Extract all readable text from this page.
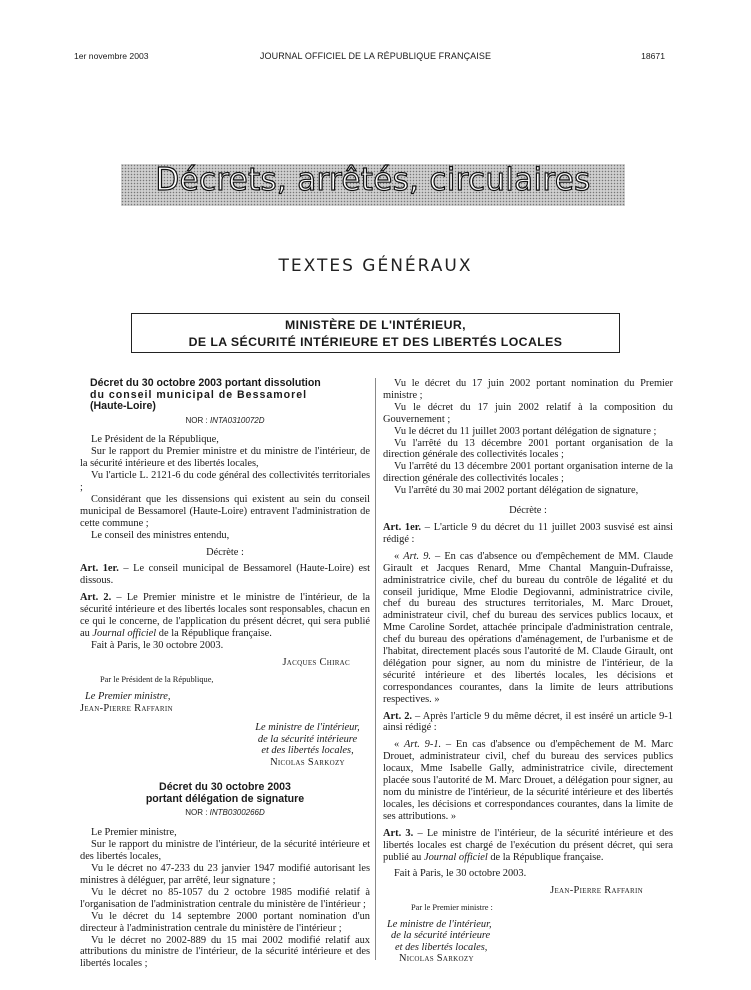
1er novembre 2003	JOURNAL OFFICIEL DE LA RÉPUBLIQUE FRANÇAISE	18671
Décrets, arrêtés, circulaires
TEXTES GÉNÉRAUX
MINISTÈRE DE L'INTÉRIEUR,
DE LA SÉCURITÉ INTÉRIEURE ET DES LIBERTÉS LOCALES
Décret du 30 octobre 2003 portant dissolution
du conseil municipal de Bessamorel
(Haute-Loire)

NOR : INTA0310072D

Le Président de la République,

Sur le rapport du Premier ministre et du ministre de l'intérieur, de la sécurité intérieure et des libertés locales,

Vu l'article L. 2121-6 du code général des collectivités territoriales ;

Considérant que les dissensions qui existent au sein du conseil municipal de Bessamorel (Haute-Loire) entravent l'administration de cette commune ;

Le conseil des ministres entendu,

Décrète :

Art. 1er. – Le conseil municipal de Bessamorel (Haute-Loire) est dissous.

Art. 2. – Le Premier ministre et le ministre de l'intérieur, de la sécurité intérieure et des libertés locales sont responsables, chacun en ce qui le concerne, de l'application du présent décret, qui sera publié au Journal officiel de la République française.

Fait à Paris, le 30 octobre 2003.

Jacques Chirac

Par le Président de la République,

Le Premier ministre,

Jean-Pierre Raffarin

Le ministre de l'intérieur,
de la sécurité intérieure
et des libertés locales,
Nicolas Sarkozy
Décret du 30 octobre 2003
portant délégation de signature

NOR : INTB0300266D

Le Premier ministre,

Sur le rapport du ministre de l'intérieur, de la sécurité intérieure et des libertés locales,

Vu le décret no 47-233 du 23 janvier 1947 modifié autorisant les ministres à déléguer, par arrêté, leur signature ;

Vu le décret no 85-1057 du 2 octobre 1985 modifié relatif à l'organisation de l'administration centrale du ministère de l'intérieur ;

Vu le décret du 14 septembre 2000 portant nomination d'un directeur à l'administration centrale du ministère de l'intérieur ;

Vu le décret no 2002-889 du 15 mai 2002 modifié relatif aux attributions du ministre de l'intérieur, de la sécurité intérieure et des libertés locales ;

Vu le décret du 17 juin 2002 portant nomination du Premier ministre ;

Vu le décret du 17 juin 2002 relatif à la composition du Gouvernement ;

Vu le décret du 11 juillet 2003 portant délégation de signature ;

Vu l'arrêté du 13 décembre 2001 portant organisation de la direction générale des collectivités locales ;

Vu l'arrêté du 13 décembre 2001 portant organisation interne de la direction générale des collectivités locales ;

Vu l'arrêté du 30 mai 2002 portant délégation de signature,

Décrète :

Art. 1er. – L'article 9 du décret du 11 juillet 2003 susvisé est ainsi rédigé :

« Art. 9. – En cas d'absence ou d'empêchement de MM. Claude Girault et Jacques Renard, Mme Chantal Manguin-Dufraisse, administratrice civile, chef du bureau du contrôle de légalité et du conseil juridique, Mme Elodie Degiovanni, administratrice civile, chef du bureau des structures territoriales, M. Marc Drouet, administrateur civil, chef du bureau des services publics locaux, et Mme Caroline Sordet, attachée principale d'administration centrale, chef du bureau des opérations d'aménagement, de l'urbanisme et de l'habitat, directement placés sous l'autorité de M. Claude Girault, ont délégation pour signer, au nom du ministre de l'intérieur, de la sécurité intérieure et des libertés locales, les décisions et correspondances courantes, dans la limite de leurs attributions respectives. »

Art. 2. – Après l'article 9 du même décret, il est inséré un article 9-1 ainsi rédigé :

« Art. 9-1. – En cas d'absence ou d'empêchement de M. Marc Drouet, administrateur civil, chef du bureau des services publics locaux, Mme Isabelle Gally, administratrice civile, directement placée sous l'autorité de M. Marc Drouet, a délégation pour signer, au nom du ministre de l'intérieur, de la sécurité intérieure et des libertés locales, les décisions et correspondances courantes, dans la limite de ses attributions. »

Art. 3. – Le ministre de l'intérieur, de la sécurité intérieure et des libertés locales est chargé de l'exécution du présent décret, qui sera publié au Journal officiel de la République française.

Fait à Paris, le 30 octobre 2003.

Jean-Pierre Raffarin

Par le Premier ministre :

Le ministre de l'intérieur,
de la sécurité intérieure
et des libertés locales,
Nicolas Sarkozy
